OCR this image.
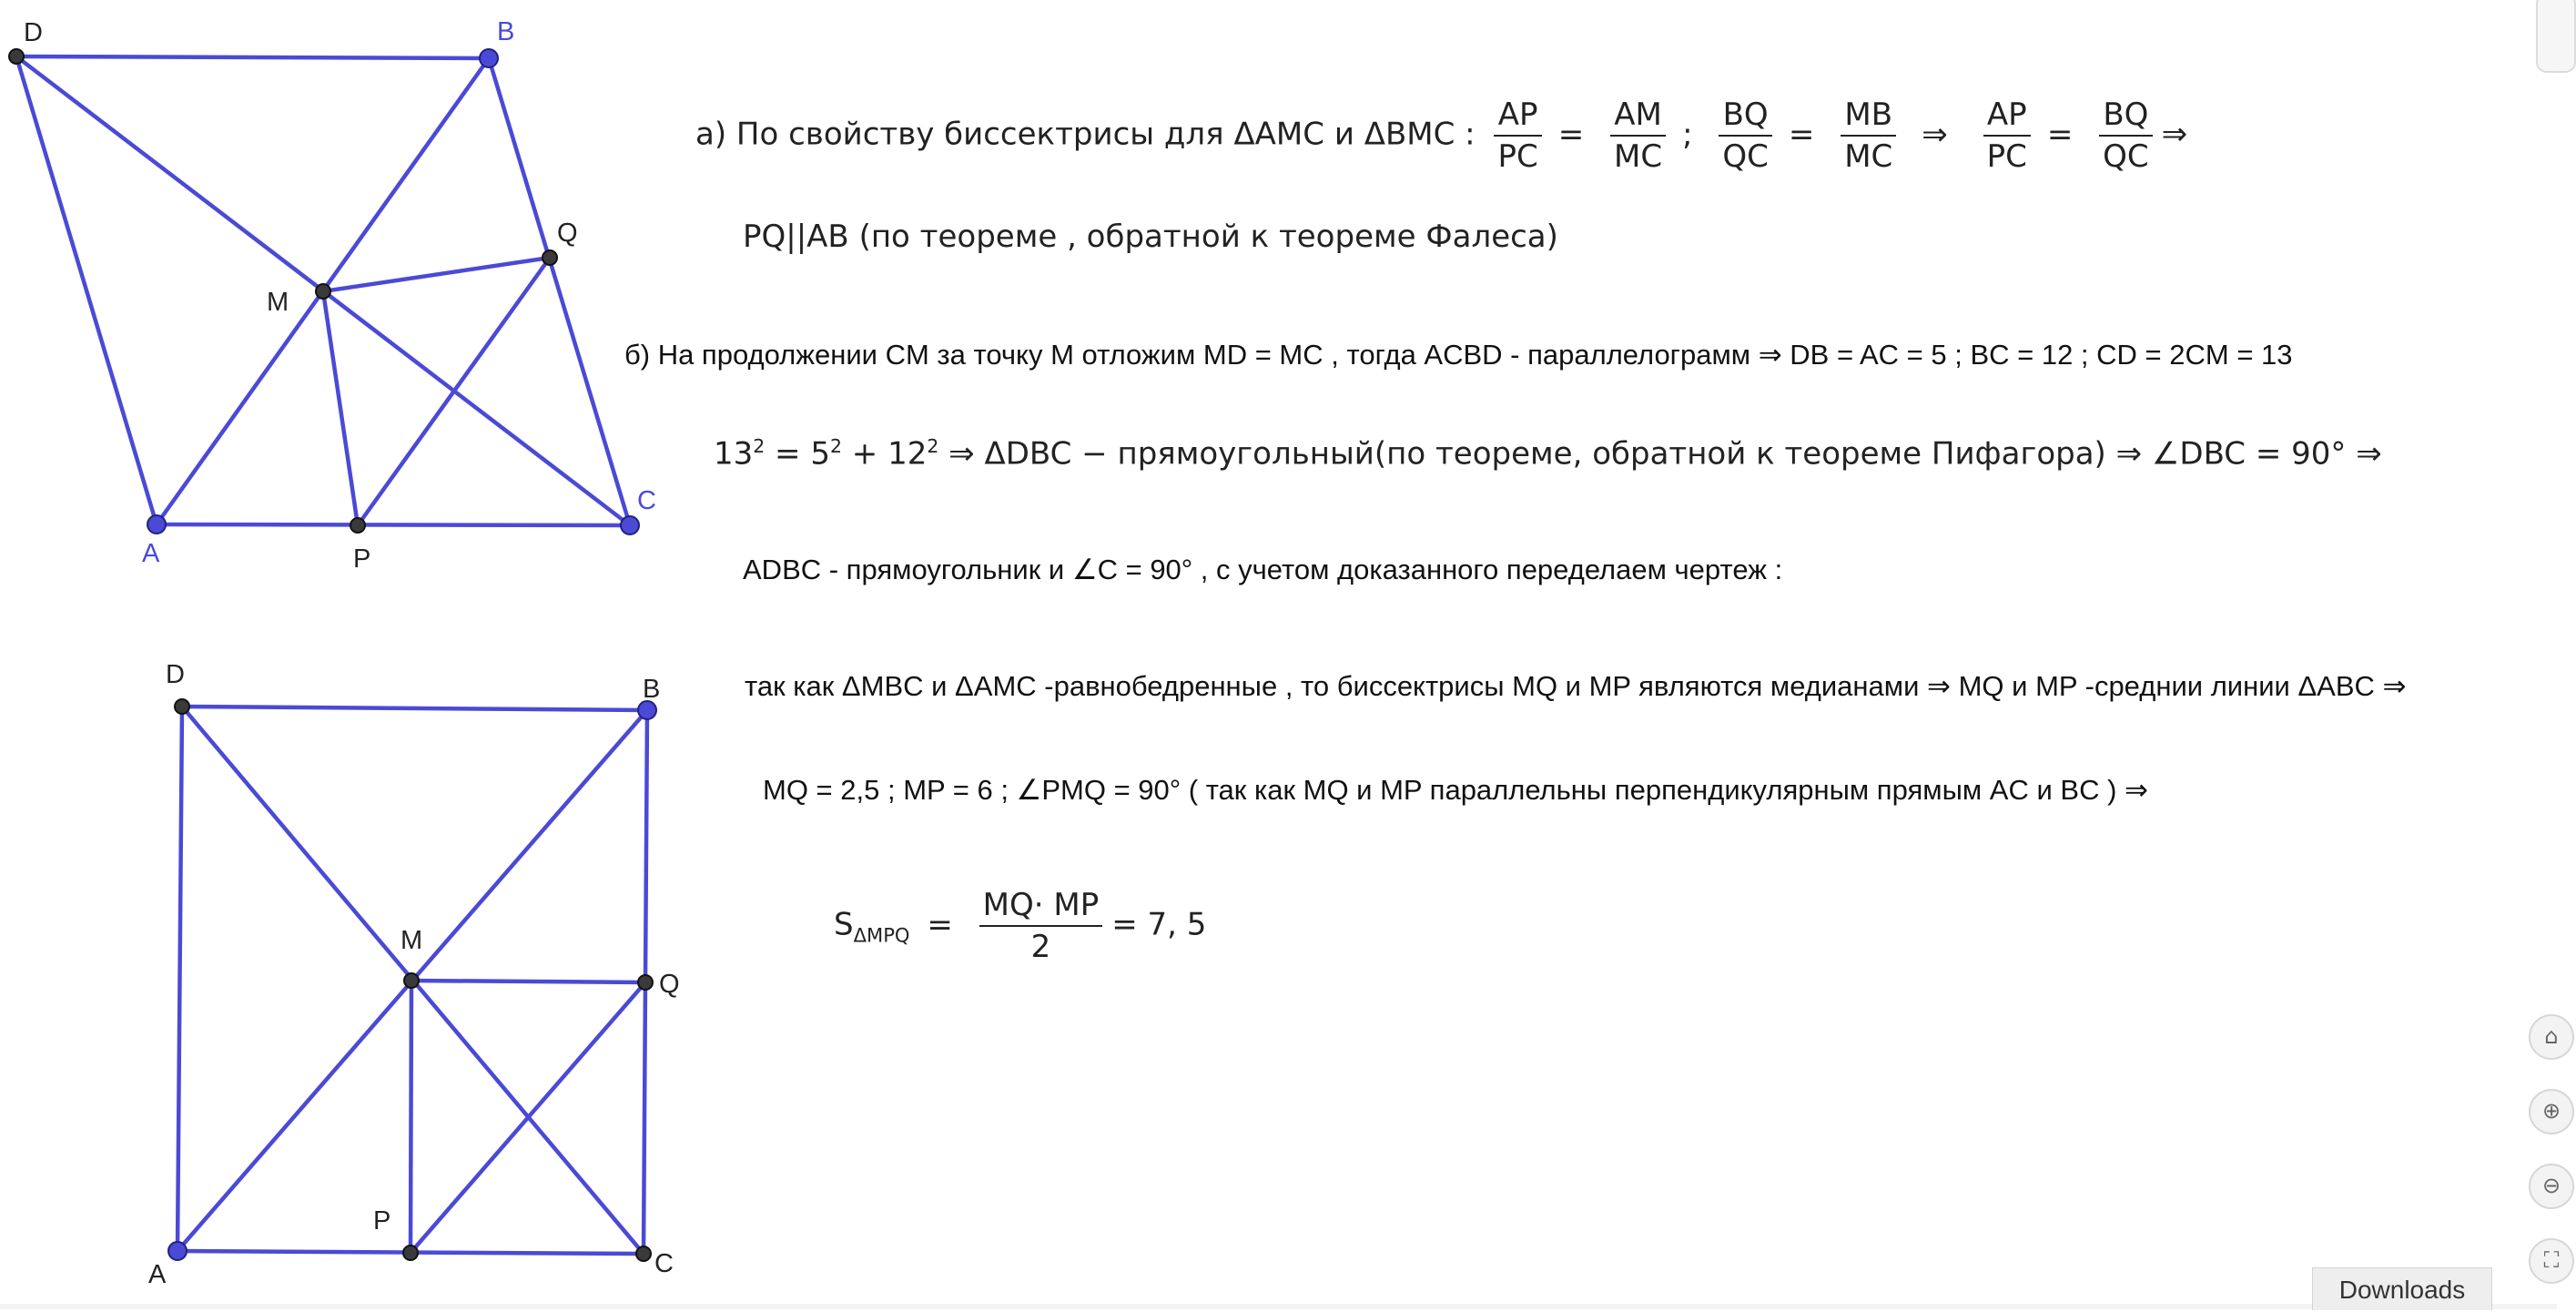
D	B
Q
M
A	P
C
D	B
M
Q
P
A	C
а) По свойству биссектрисы для ΔAMC и ΔBMC : $\frac{AP}{PC} = \frac{AM}{MC}$ ; $\frac{BQ}{QC} = \frac{MB}{MC}$ ⇒ $\frac{AP}{PC} = \frac{BQ}{QC}$ ⇒
PQ||AB (по теореме , обратной к теореме Фалеса)
б) На продолжении CM за точку M отложим MD = MC , тогда ACBD - параллелограмм ⇒ DB = AC = 5 ; BC = 12 ; CD = 2CM = 13
$13^2 = 5^2 + 12^2$ ⇒ ΔDBC − прямоугольный(по теореме, обратной к теореме Пифагора) ⇒ ∠DBC = 90° ⇒
ADBC - прямоугольник и ∠C = 90° , с учетом доказанного переделаем чертеж :
так как ΔMBC и ΔAMC -равнобедренные , то биссектрисы MQ и MP являются медианами ⇒ MQ и MP -среднии линии ΔABC ⇒
MQ = 2,5 ; MP = 6 ; ∠PMQ = 90° ( так как MQ и MP параллельны перпендикулярным прямым AC и BC ) ⇒
$S_{\Delta MPQ} = \frac{MQ\cdot MP}{2} = 7$, 5
⌂
⊕
⊖
⛶
Downloads
